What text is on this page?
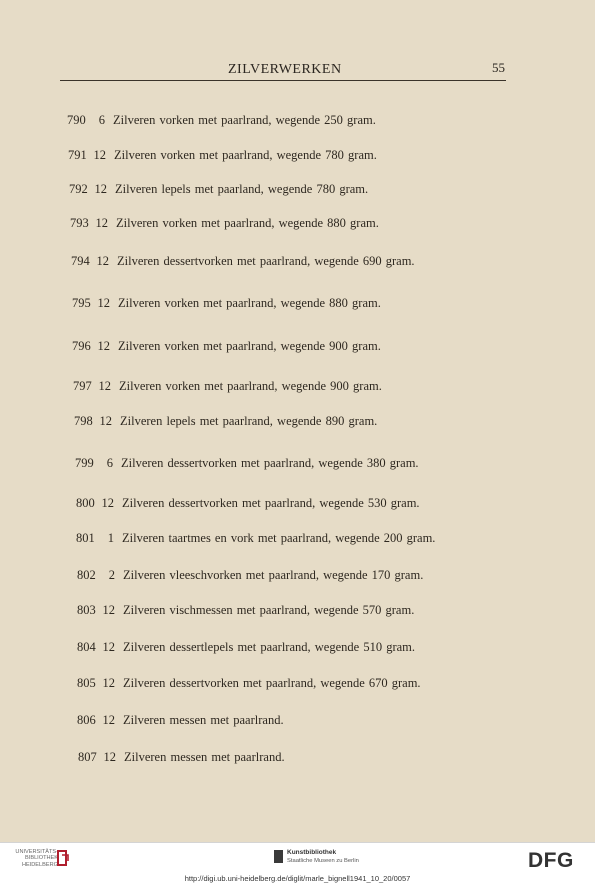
ZILVERWERKEN	55
790	6 Zilveren vorken met paarlrand, wegende 250 gram.
791 12 Zilveren vorken met paarlrand, wegende 780 gram.
792 12 Zilveren lepels met paarland, wegende 780 gram.
793 12 Zilveren vorken met paarlrand, wegende 880 gram.
794 12 Zilveren dessertvorken met paarlrand, wegende 690 gram.
795 12 Zilveren vorken met paarlrand, wegende 880 gram.
796 12 Zilveren vorken met paarlrand, wegende 900 gram.
797 12 Zilveren vorken met paarlrand, wegende 900 gram.
798 12 Zilveren lepels met paarlrand, wegende 890 gram.
799	6 Zilveren dessertvorken met paarlrand, wegende 380 gram.
800 12 Zilveren dessertvorken met paarlrand, wegende 530 gram.
801	1 Zilveren taartmes en vork met paarlrand, wegende 200 gram.
802	2 Zilveren vleeschvorken met paarlrand, wegende 170 gram.
803 12 Zilveren vischmessen met paarlrand, wegende 570 gram.
804 12 Zilveren dessertlepels met paarlrand, wegende 510 gram.
805 12 Zilveren dessertvorken met paarlrand, wegende 670 gram.
806 12 Zilveren messen met paarlrand.
807 12 Zilveren messen met paarlrand.
UNIVERSITÄTS-
BIBLIOTHEK
HEIDELBERG
Kunstbibliothek
Staatliche Museen zu Berlin	DFG
http://digi.ub.uni-heidelberg.de/diglit/marle_bignell1941_10_20/0057
